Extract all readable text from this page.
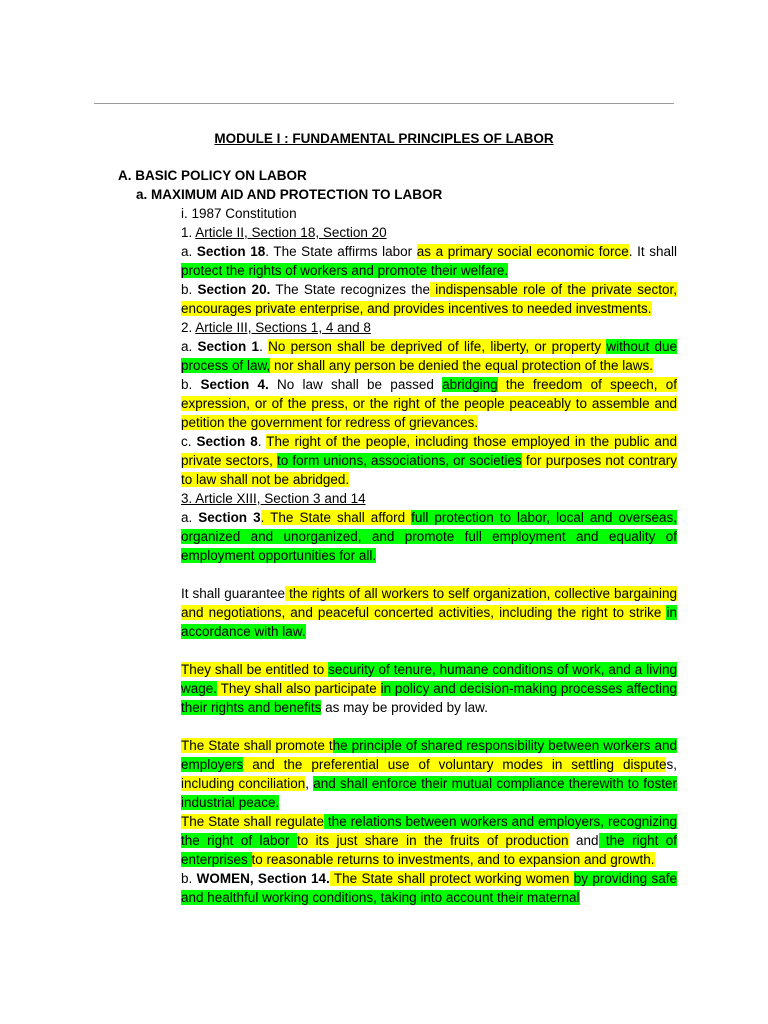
MODULE I : FUNDAMENTAL PRINCIPLES OF LABOR
A. BASIC POLICY ON LABOR
a. MAXIMUM AID AND PROTECTION TO LABOR

i. 1987 Constitution

1. Article II, Section 18, Section 20

a. Section 18. The State affirms labor as a primary social economic force. It shall protect the rights of workers and promote their welfare.

b. Section 20. The State recognizes the indispensable role of the private sector, encourages private enterprise, and provides incentives to needed investments.

2. Article III, Sections 1, 4 and 8

a. Section 1. No person shall be deprived of life, liberty, or property without due process of law, nor shall any person be denied the equal protection of the laws.

b. Section 4. No law shall be passed abridging the freedom of speech, of expression, or of the press, or the right of the people peaceably to assemble and petition the government for redress of grievances.

c. Section 8. The right of the people, including those employed in the public and private sectors, to form unions, associations, or societies for purposes not contrary to law shall not be abridged.

3. Article XIII, Section 3 and 14

a. Section 3. The State shall afford full protection to labor, local and overseas, organized and unorganized, and promote full employment and equality of employment opportunities for all.

It shall guarantee the rights of all workers to self organization, collective bargaining and negotiations, and peaceful concerted activities, including the right to strike in accordance with law.

They shall be entitled to security of tenure, humane conditions of work, and a living wage. They shall also participate in policy and decision-making processes affecting their rights and benefits as may be provided by law.

The State shall promote the principle of shared responsibility between workers and employers and the preferential use of voluntary modes in settling disputes, including conciliation, and shall enforce their mutual compliance therewith to foster industrial peace.

The State shall regulate the relations between workers and employers, recognizing the right of labor to its just share in the fruits of production and the right of enterprises to reasonable returns to investments, and to expansion and growth.

b. WOMEN, Section 14. The State shall protect working women by providing safe and healthful working conditions, taking into account their maternal
